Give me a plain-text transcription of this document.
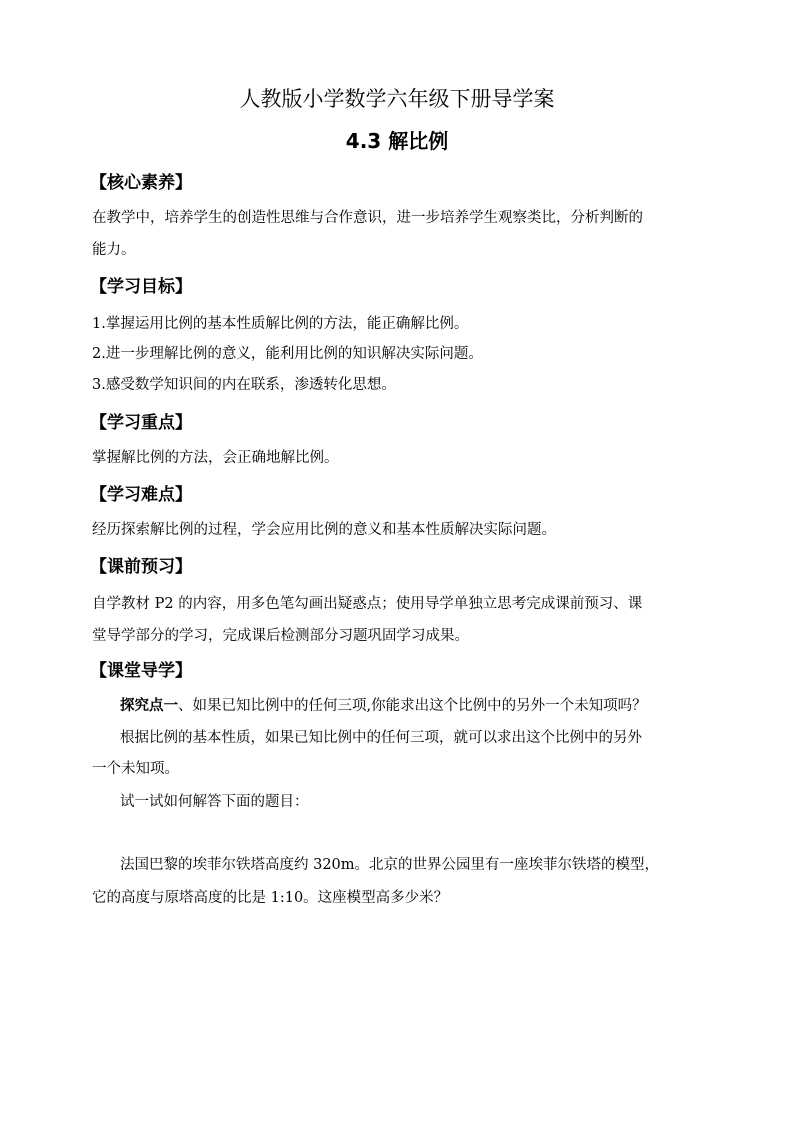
人教版小学数学六年级下册导学案
4.3 解比例
【核心素养】
在教学中，培养学生的创造性思维与合作意识，进一步培养学生观察类比，分析判断的
能力。
【学习目标】
1.掌握运用比例的基本性质解比例的方法，能正确解比例。
2.进一步理解比例的意义，能利用比例的知识解决实际问题。
3.感受数学知识间的内在联系，渗透转化思想。
【学习重点】
掌握解比例的方法，会正确地解比例。
【学习难点】
经历探索解比例的过程，学会应用比例的意义和基本性质解决实际问题。
【课前预习】
自学教材 P2 的内容，用多色笔勾画出疑惑点；使用导学单独立思考完成课前预习、课
堂导学部分的学习，完成课后检测部分习题巩固学习成果。
【课堂导学】
探究点一、如果已知比例中的任何三项,你能求出这个比例中的另外一个未知项吗？
根据比例的基本性质，如果已知比例中的任何三项，就可以求出这个比例中的另外
一个未知项。
试一试如何解答下面的题目：
法国巴黎的埃菲尔铁塔高度约 320m。北京的世界公园里有一座埃菲尔铁塔的模型，
它的高度与原塔高度的比是 1:10。这座模型高多少米？
